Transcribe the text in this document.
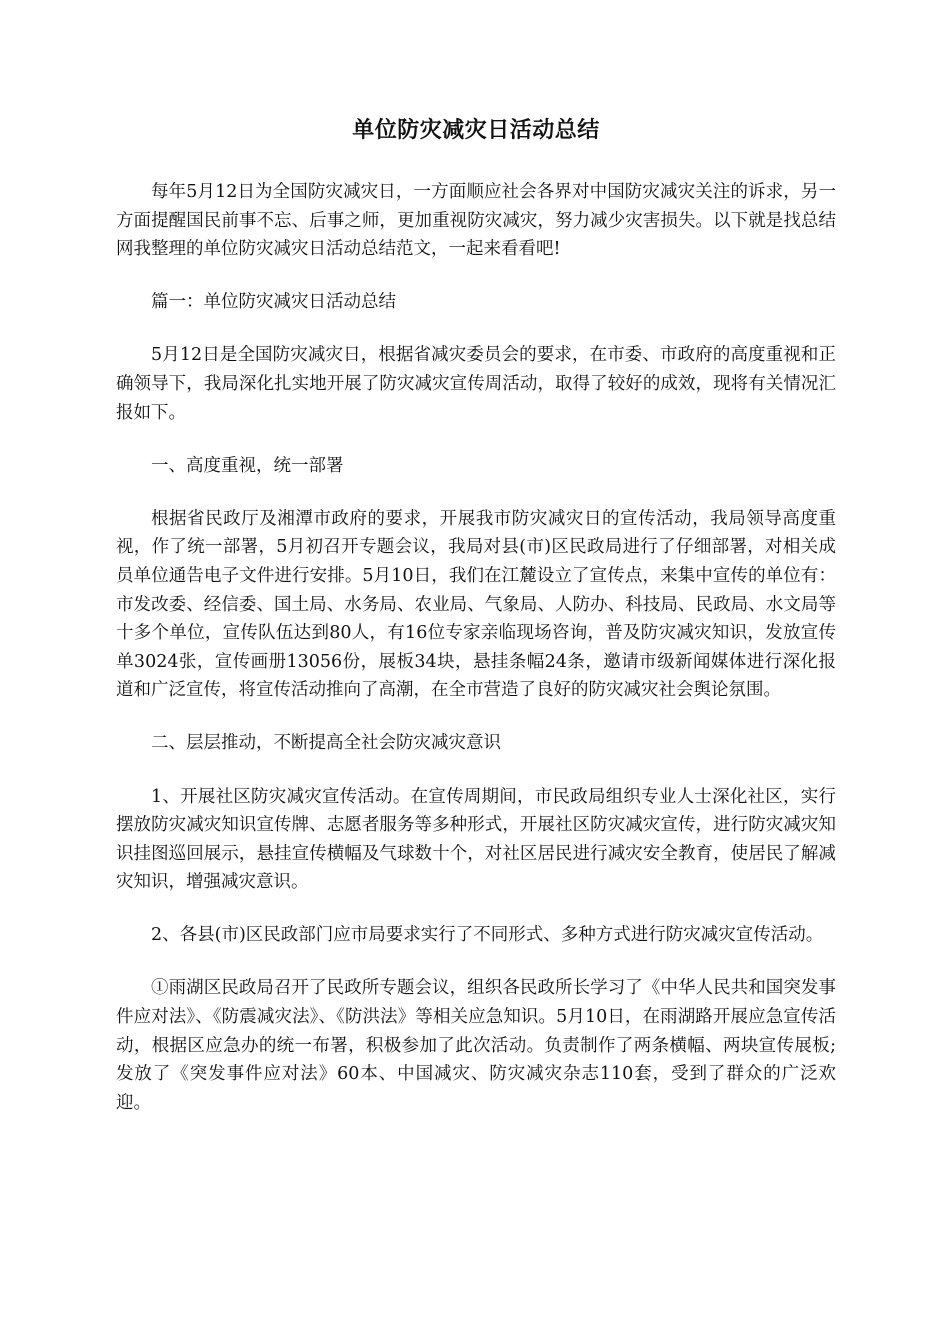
单位防灾减灾日活动总结

每年5月12日为全国防灾减灾日，一方面顺应社会各界对中国防灾减灾关注的诉求，另一方面提醒国民前事不忘、后事之师，更加重视防灾减灾，努力减少灾害损失。以下就是找总结网我整理的单位防灾减灾日活动总结范文，一起来看看吧!

篇一：单位防灾减灾日活动总结

5月12日是全国防灾减灾日，根据省减灾委员会的要求，在市委、市政府的高度重视和正确领导下，我局深化扎实地开展了防灾减灾宣传周活动，取得了较好的成效，现将有关情况汇报如下。

一、高度重视，统一部署

根据省民政厅及湘潭市政府的要求，开展我市防灾减灾日的宣传活动，我局领导高度重视，作了统一部署，5月初召开专题会议，我局对县(市)区民政局进行了仔细部署，对相关成员单位通告电子文件进行安排。5月10日，我们在江麓设立了宣传点，来集中宣传的单位有：市发改委、经信委、国土局、水务局、农业局、气象局、人防办、科技局、民政局、水文局等十多个单位，宣传队伍达到80人，有16位专家亲临现场咨询，普及防灾减灾知识，发放宣传单3024张，宣传画册13056份，展板34块，悬挂条幅24条，邀请市级新闻媒体进行深化报道和广泛宣传，将宣传活动推向了高潮，在全市营造了良好的防灾减灾社会舆论氛围。

二、层层推动，不断提高全社会防灾减灾意识

1、开展社区防灾减灾宣传活动。在宣传周期间，市民政局组织专业人士深化社区，实行摆放防灾减灾知识宣传牌、志愿者服务等多种形式，开展社区防灾减灾宣传，进行防灾减灾知识挂图巡回展示，悬挂宣传横幅及气球数十个，对社区居民进行减灾安全教育，使居民了解减灾知识，增强减灾意识。

2、各县(市)区民政部门应市局要求实行了不同形式、多种方式进行防灾减灾宣传活动。

①雨湖区民政局召开了民政所专题会议，组织各民政所长学习了《中华人民共和国突发事件应对法》、《防震减灾法》、《防洪法》等相关应急知识。5月10日，在雨湖路开展应急宣传活动，根据区应急办的统一布署，积极参加了此次活动。负责制作了两条横幅、两块宣传展板;发放了《突发事件应对法》60本、中国减灾、防灾减灾杂志110套，受到了群众的广泛欢迎。
